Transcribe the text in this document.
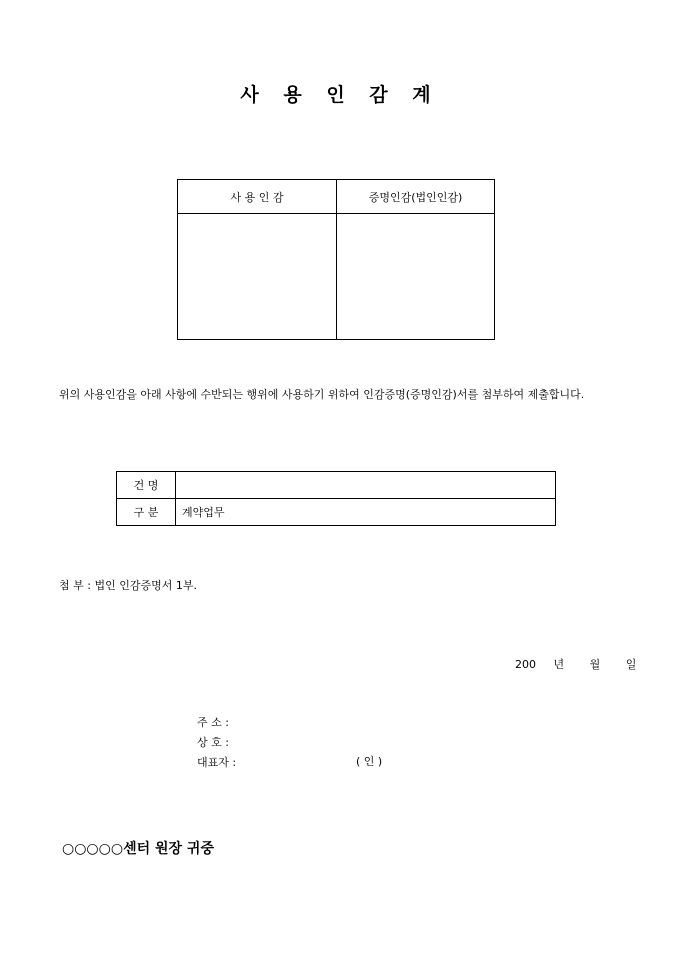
사 용 인 감 계
사 용 인 감	증명인감(법인인감)

위의 사용인감을 아래 사항에 수반되는 행위에 사용하기 위하여 인감증명(증명인감)서를 첨부하여 제출합니다.
건 명	
구 분	계약업무
첨 부 : 법인 인감증명서 1부.
200 년 월 일
주 소 :
상 호 :
대표자 :	( 인 )
○○○○○센터 원장 귀중
